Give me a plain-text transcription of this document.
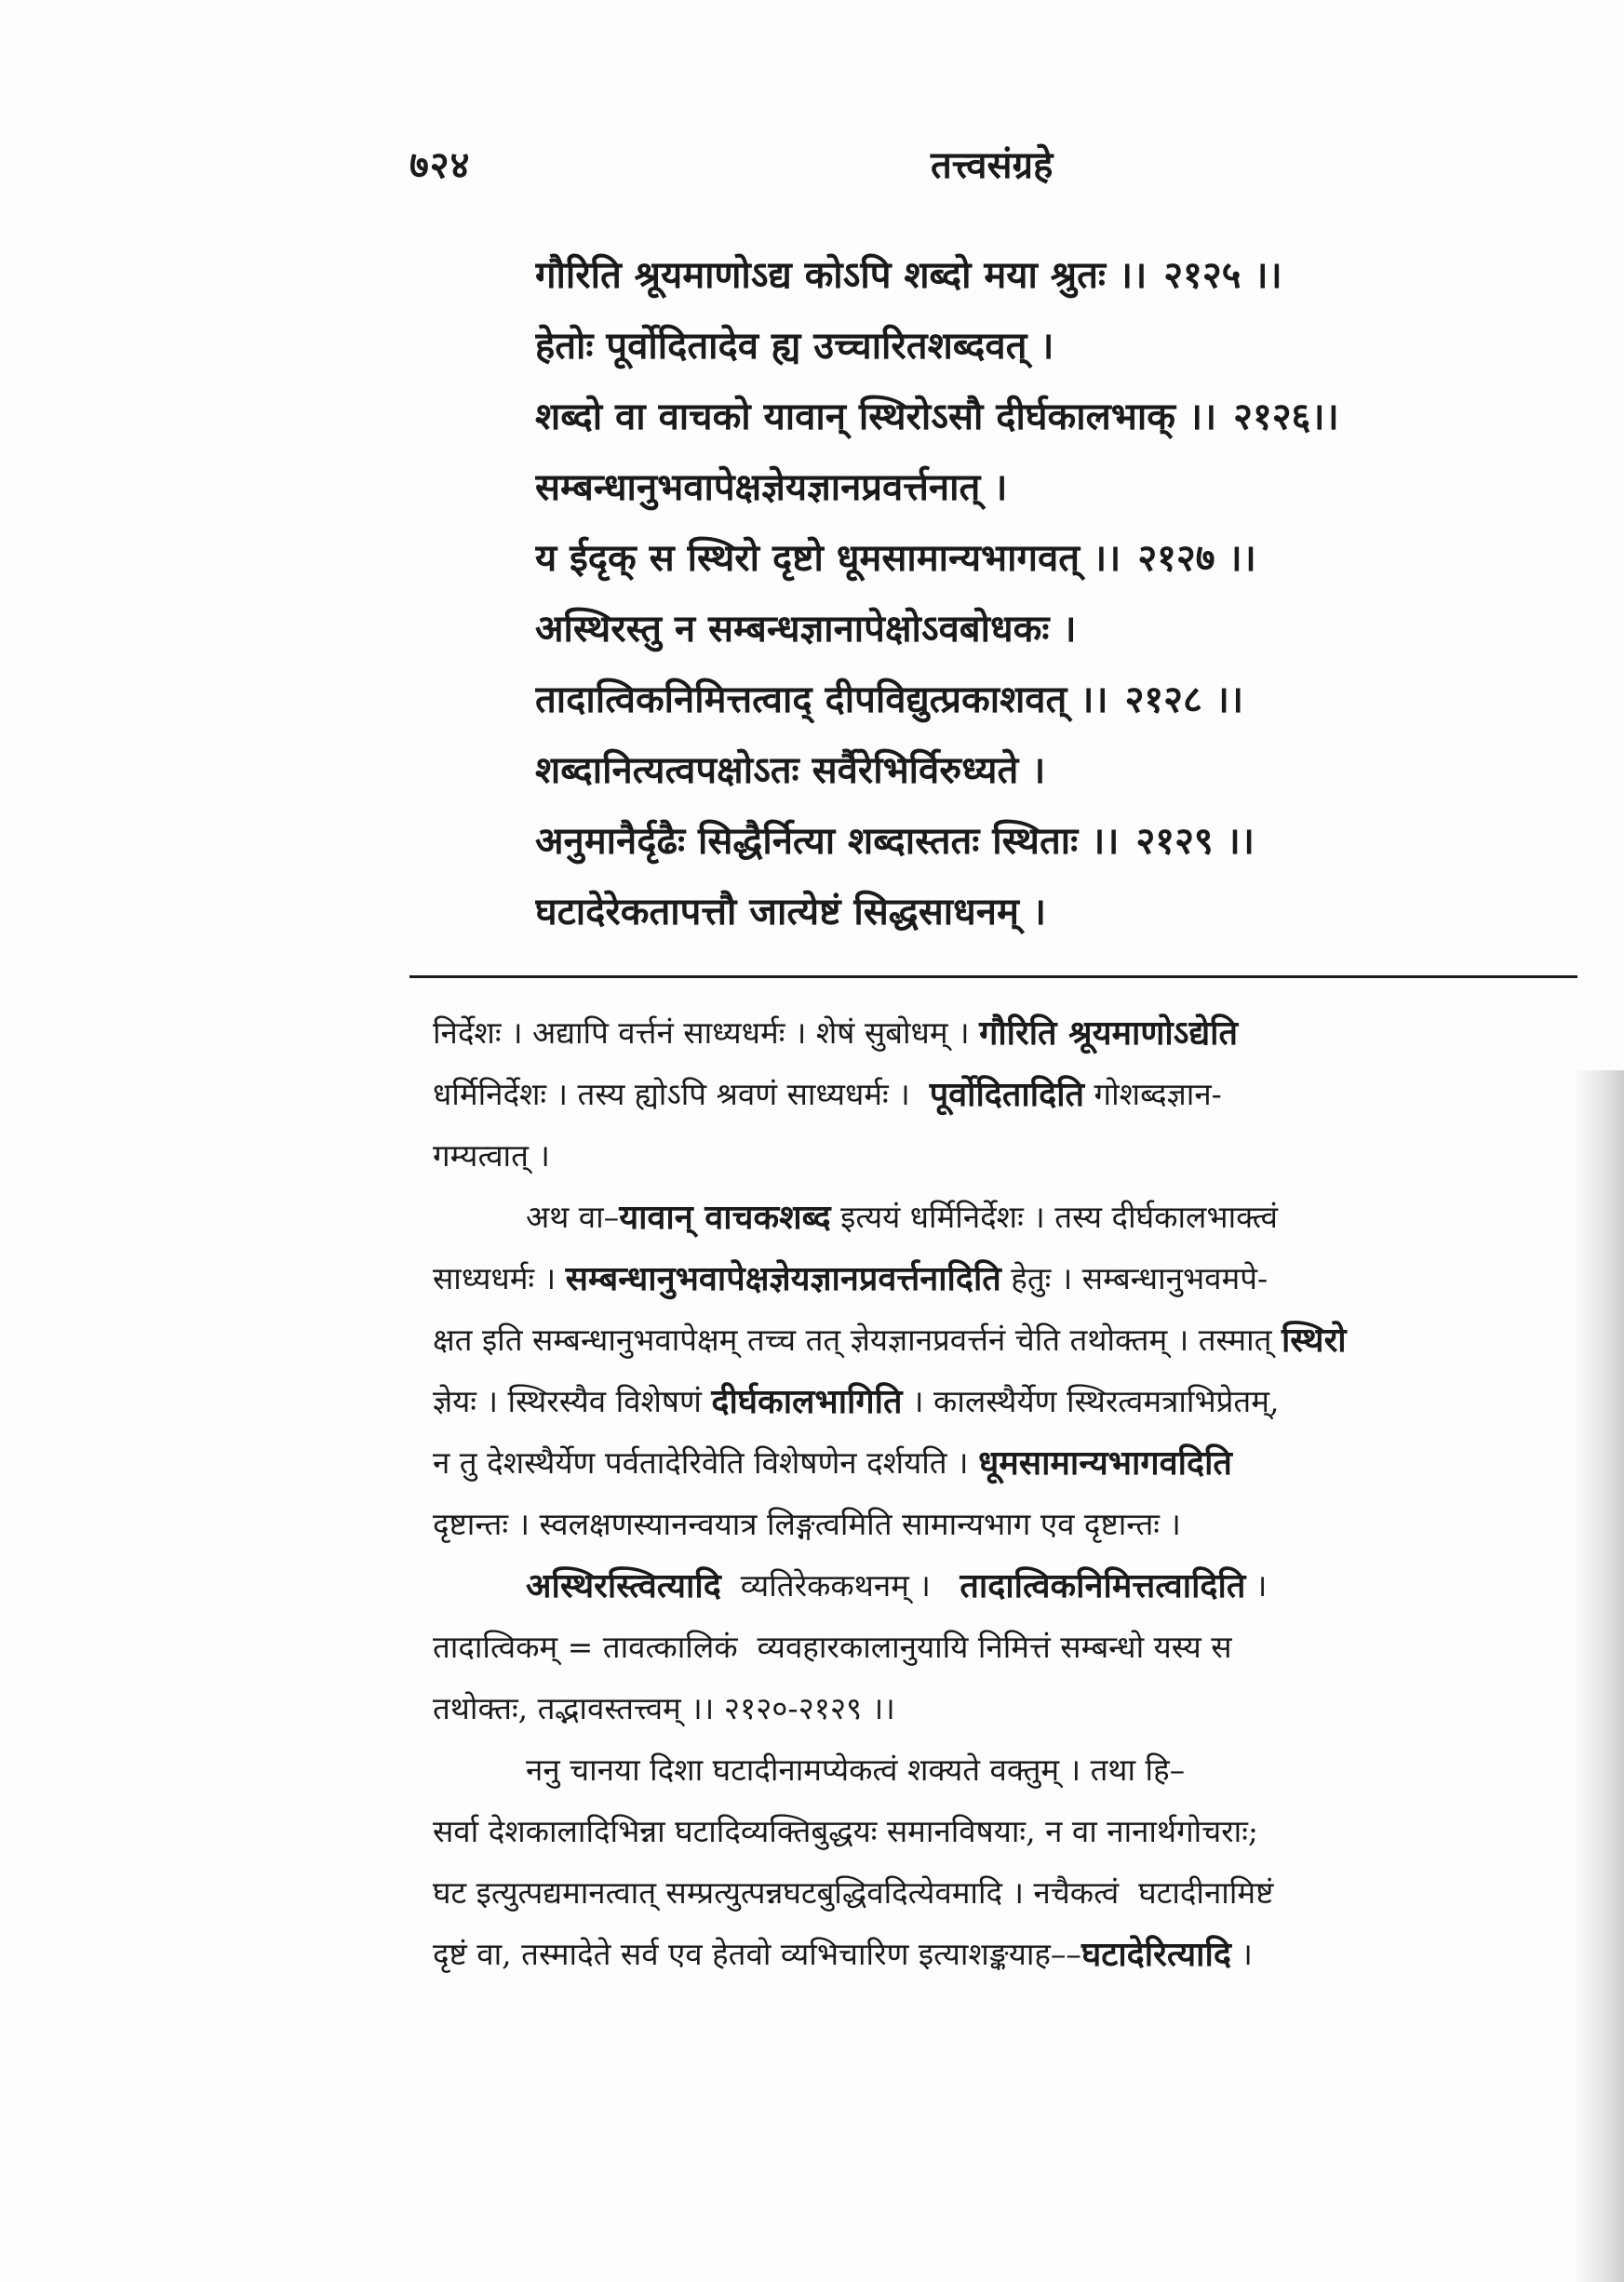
७२४	तत्त्वसंग्रहे
गौरिति श्रूयमाणोऽद्य कोऽपि शब्दो मया श्रुतः ।। २१२५ ।।
हेतोः पूर्वोदितादेव ह्य उच्चारितशब्दवत् ।
शब्दो वा वाचको यावान् स्थिरोऽसौ दीर्घकालभाक् ।। २१२६।।
सम्बन्धानुभवापेक्षज्ञेयज्ञानप्रवर्त्तनात् ।
य ईदृक् स स्थिरो दृष्टो धूमसामान्यभागवत् ।। २१२७ ।।
अस्थिरस्तु न सम्बन्धज्ञानापेक्षोऽवबोधकः ।
तादात्विकनिमित्तत्वाद् दीपविद्युत्प्रकाशवत् ।। २१२८ ।।
शब्दानित्यत्वपक्षोऽतः सर्वैरेभिर्विरुध्यते ।
अनुमानैर्दृढैः सिद्धैर्नित्या शब्दास्ततः स्थिताः ।। २१२९ ।।
घटादेरेकतापत्तौ जात्येष्टं सिद्धसाधनम् ।
निर्देशः । अद्यापि वर्त्तनं साध्यधर्मः । शेषं सुबोधम् । गौरिति श्रूयमाणोऽद्येति
धर्मिनिर्देशः । तस्य ह्योऽपि श्रवणं साध्यधर्मः । पूर्वोदितादिति गोशब्दज्ञान-
गम्यत्वात् ।
अथ वा– यावान् वाचकशब्द इत्ययं धर्मिनिर्देशः । तस्य दीर्घकालभाक्त्वं
साध्यधर्मः । सम्बन्धानुभवापेक्षज्ञेयज्ञानप्रवर्त्तनादिति हेतुः । सम्बन्धानुभवमपे-
क्षत इति सम्बन्धानुभवापेक्षम् तच्च तत् ज्ञेयज्ञानप्रवर्त्तनं चेति तथोक्तम् । तस्मात् स्थिरो
ज्ञेयः । स्थिरस्यैव विशेषणं दीर्घकालभागिति । कालस्थैर्येण स्थिरत्वमत्राभिप्रेतम्,
न तु देशस्थैर्येण पर्वतादेरिवेति विशेषणेन दर्शयति । धूमसामान्यभागवदिति
दृष्टान्तः । स्वलक्षणस्यानन्वयात्र लिङ्गत्वमिति सामान्यभाग एव दृष्टान्तः ।
अस्थिरस्त्वित्यादि व्यतिरेककथनम् । तादात्विकनिमित्तत्वादिति ।
तादात्विकम् = तावत्कालिकं  व्यवहारकालानुयायि निमित्तं सम्बन्धो यस्य स
तथोक्तः, तद्भावस्तत्त्वम् ।। २१२०-२१२९ ।।
ननु चानया दिशा घटादीनामप्येकत्वं शक्यते वक्तुम् । तथा हि–
सर्वा देशकालादिभिन्ना घटादिव्यक्तिबुद्धयः समानविषयाः, न वा नानार्थगोचराः;
घट इत्युत्पद्यमानत्वात् सम्प्रत्युत्पन्नघटबुद्धिवदित्येवमादि । नचैकत्वं  घटादीनामिष्टं
दृष्टं वा, तस्मादेते सर्व एव हेतवो व्यभिचारिण इत्याशङ्कयाह–– घटादेरित्यादि ।
